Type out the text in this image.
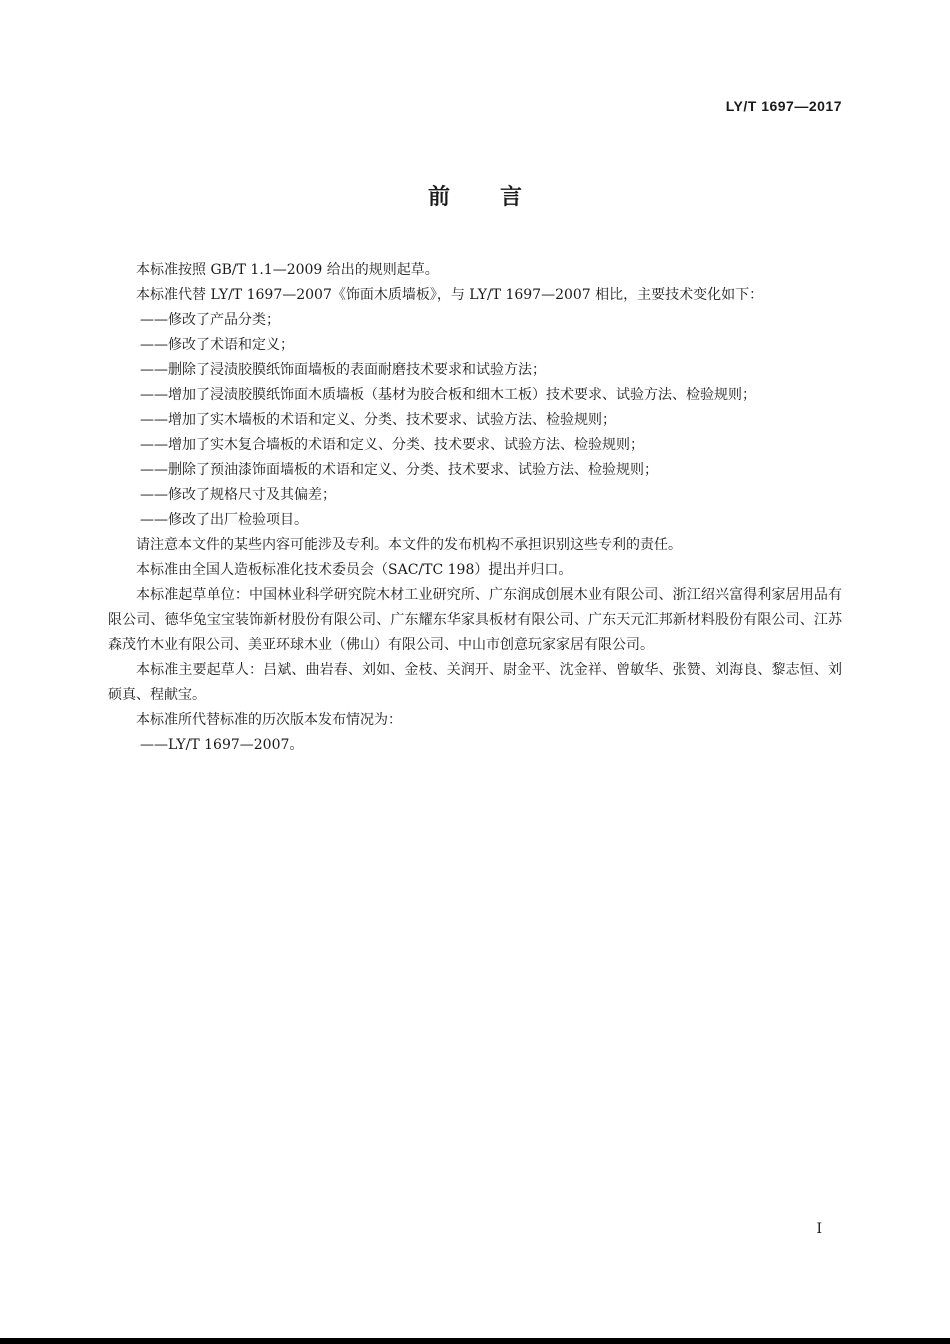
LY/T 1697—2017
前言

本标准按照 GB/T 1.1—2009 给出的规则起草。

本标准代替 LY/T 1697—2007《饰面木质墙板》，与 LY/T 1697—2007 相比，主要技术变化如下：

——修改了产品分类；

——修改了术语和定义；

——删除了浸渍胶膜纸饰面墙板的表面耐磨技术要求和试验方法；

——增加了浸渍胶膜纸饰面木质墙板（基材为胶合板和细木工板）技术要求、试验方法、检验规则；

——增加了实木墙板的术语和定义、分类、技术要求、试验方法、检验规则；

——增加了实木复合墙板的术语和定义、分类、技术要求、试验方法、检验规则；

——删除了预油漆饰面墙板的术语和定义、分类、技术要求、试验方法、检验规则；

——修改了规格尺寸及其偏差；

——修改了出厂检验项目。

请注意本文件的某些内容可能涉及专利。本文件的发布机构不承担识别这些专利的责任。

本标准由全国人造板标准化技术委员会（SAC/TC 198）提出并归口。

本标准起草单位：中国林业科学研究院木材工业研究所、广东润成创展木业有限公司、浙江绍兴富得利家居用品有限公司、德华兔宝宝装饰新材股份有限公司、广东耀东华家具板材有限公司、广东天元汇邦新材料股份有限公司、江苏森茂竹木业有限公司、美亚环球木业（佛山）有限公司、中山市创意玩家家居有限公司。

本标准主要起草人：吕斌、曲岩春、刘如、金枝、关润开、尉金平、沈金祥、曾敏华、张赞、刘海良、黎志恒、刘硕真、程献宝。

本标准所代替标准的历次版本发布情况为：

——LY/T 1697—2007。

I
